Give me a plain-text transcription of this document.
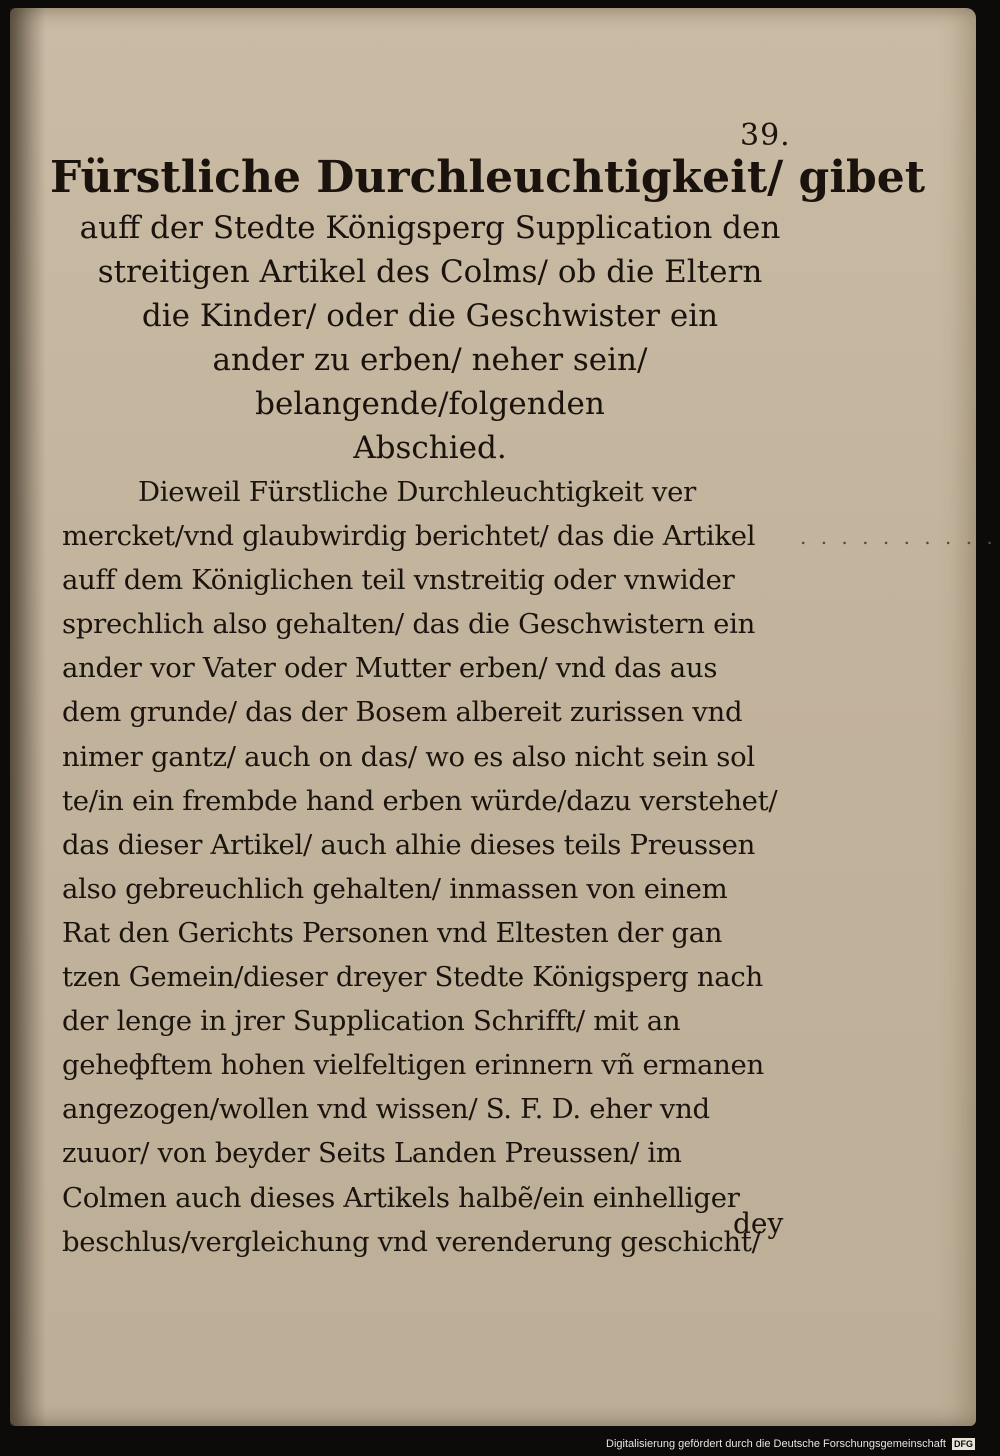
39.
Fürstliche Durchleuchtigkeit/ gibet
auff der Stedte Königsperg Supplication den
streitigen Artikel des Colms/ ob die Eltern
die Kinder/ oder die Geschwister ein
ander zu erben/ neher sein/
belangende/folgenden
Abschied.
Dieweil Fürstliche Durchleuchtigkeit ver
mercket/vnd glaubwirdig berichtet/ das die Artikel
auff dem Königlichen teil vnstreitig oder vnwider
sprechlich also gehalten/ das die Geschwistern ein
ander vor Vater oder Mutter erben/ vnd das aus
dem grunde/ das der Bosem albereit zurissen vnd
nimer gantz/ auch on das/ wo es also nicht sein sol
te/in ein frembde hand erben würde/dazu verstehet/
das dieser Artikel/ auch alhie dieses teils Preussen
also gebreuchlich gehalten/ inmassen von einem
Rat den Gerichts Personen vnd Eltesten der gan
tzen Gemein/dieser dreyer Stedte Königsperg nach
der lenge in jrer Supplication Schrifft/ mit an
geheфftem hohen vielfeltigen erinnern vñ ermanen
angezogen/wollen vnd wissen/ S. F. D. eher vnd
zuuor/ von beyder Seits Landen Preussen/ im
Colmen auch dieses Artikels halbẽ/ein einhelliger
beschlus/vergleichung vnd verenderung geschicht/
. . . . . . . . . .
dey
Digitalisierung gefördert durch die Deutsche Forschungsgemeinschaft DFG
